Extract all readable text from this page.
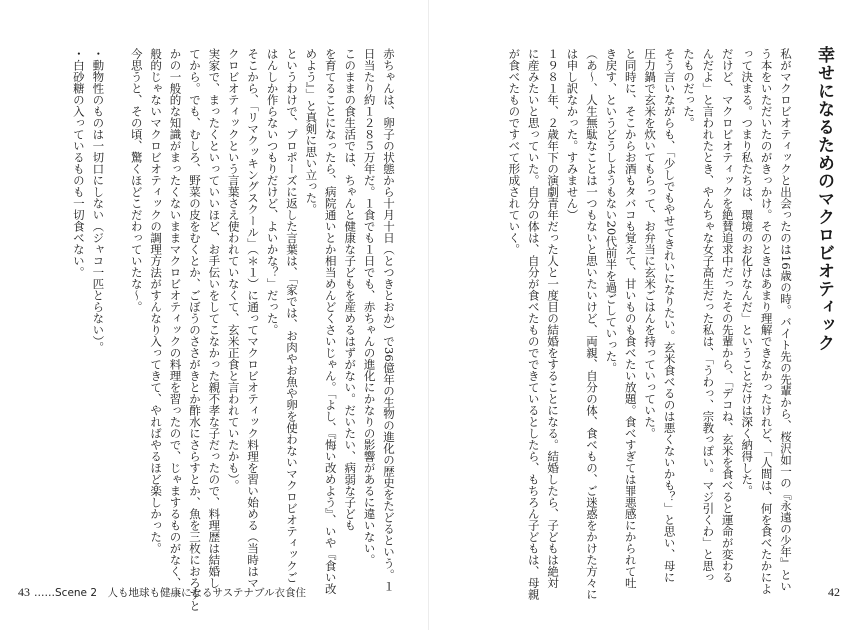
幸せになるためのマクロビオティック

私がマクロビオティックと出会ったのは16歳の時。バイト先の先輩から、桜沢如一の『永遠の少年』とい

う本をいただいたのがきっかけ。そのときはあまり理解できなかったけれど、「人間は、何を食べたかによ

って決まる。つまり私たちは、環境のお化けなんだ」ということだけは深く納得した。

だけど、マクロビオティックを絶賛追求中だったその先輩から、「デコね、玄米を食べると運命が変わる

んだよ」と言われたとき、やんちゃな女子高生だった私は、「うわっ、宗教っぽい。マジ引くわ」と思っ

たものだった。

そう言いながらも、「少しでもやせてきれいになりたい。玄米食べるのは悪くないかも？」と思い、母に

圧力鍋で玄米を炊いてもらって、お弁当に玄米ごはんを持っていっていた。

と同時に、そこからお酒もタバコも覚えて、甘いものも食べたい放題。食べすぎては罪悪感にかられて吐

き戻す、というどうしようもない20代前半を過ごしていった。

（あ～、人生無駄なことは一つもないと思いたいけど、両親、自分の体、食べもの、ご迷惑をかけた方々に

は申し訳なかった。すみません）

１９８１年、２歳年下の演劇青年だった人と一度目の結婚をすることになる。結婚したら、子どもは絶対

に産みたいと思っていた。自分の体は、自分が食べたものでできているとしたら、もちろん子どもは、母親

が食べたものですべて形成されていく。

42

赤ちゃんは、卵子の状態から十月十日（とつきとおか）で36億年の生物の進化の歴史をたどるという。１

日当たり約１２８５万年だ。１食でも１日でも、赤ちゃんの進化にかなりの影響があるに違いない。

このままの食生活では、ちゃんと健康な子どもを産めるはずがない。だいたい、病弱な子ども

を育てることになったら、病院通いとか相当めんどくさいじゃん。「よし、『悔い改めよう』、いや『食い改

めよう』」と真剣に思い立った。

というわけで、プロポーズに返した言葉は、「家では、お肉やお魚や卵を使わないマクロビオティックご

はんしか作らないつもりだけど、よいかな？」だった。

そこから、「リマクッキングスクール」（＊１）に通ってマクロビオティック料理を習い始める（当時はマ

クロビオティックという言葉さえ使われていなくて、玄米正食と言われていたかも）。

実家で、まったくといっていいほど、お手伝いをしてこなかった親不孝な子だったので、料理歴は結婚し

てから。でも、むしろ、野菜の皮をむくとか、ごぼうのささがきとか酢水にさらすとか、魚を三枚におろすと

かの一般的な知識がまったくないままマクロビオティックの料理を習ったので、じゃまするものがなく、一

般的じゃないマクロビオティックの調理方法がすんなり入ってきて、やればやるほど楽しかった。

今思うと、その頃、驚くほどこだわっていたな～。

・動物性のものは一切口にしない（ジャコ一匹とらない）。

・白砂糖の入っているものも一切食べない。

43 ……Scene 2　人も地球も健康になるサステナブル衣食住
